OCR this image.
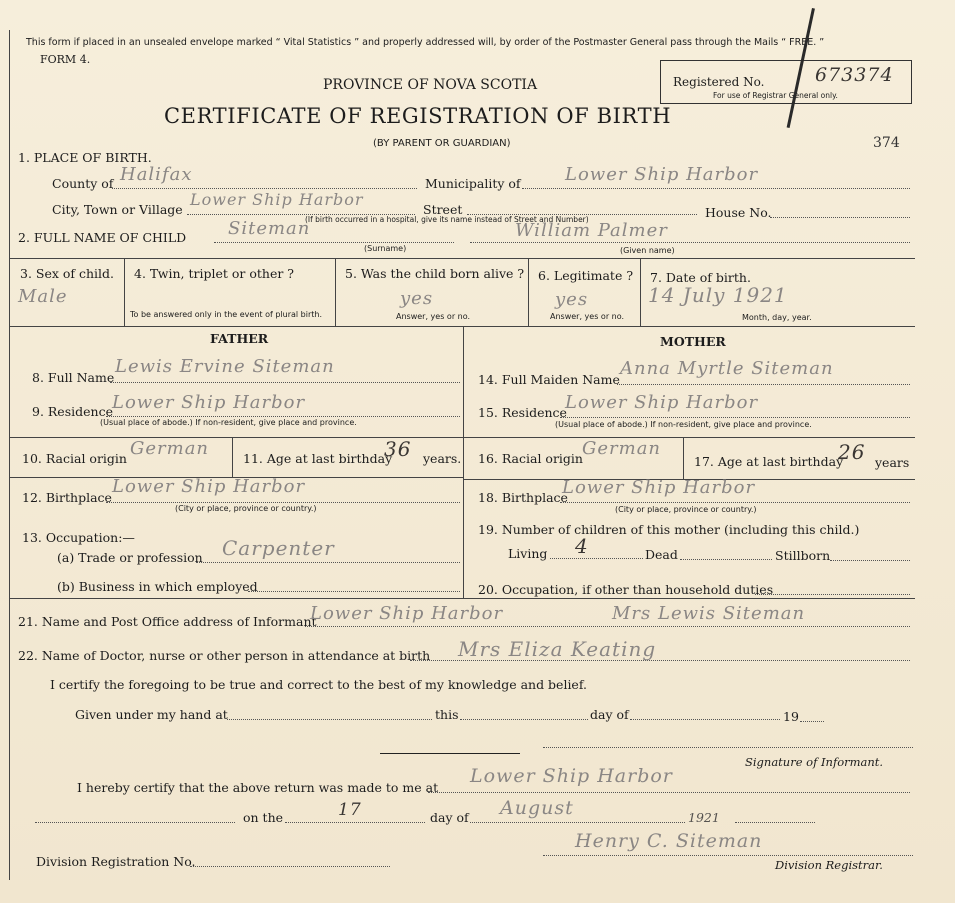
This form if placed in an unsealed envelope marked “ Vital Statistics ” and properly addressed will, by order of the Postmaster General pass through the Mails “ FREE. ”
FORM 4.
PROVINCE OF NOVA SCOTIA
CERTIFICATE OF REGISTRATION OF BIRTH
(BY PARENT OR GUARDIAN)
Registered No.	673374
For use of Registrar General only.
374
1. PLACE OF BIRTH.
County of Halifax	Municipality of Lower Ship Harbor
City, Town or Village
Lower Ship Harbor
Street
(If birth occurred in a hospital, give its name instead of Street and Number)	House No.
2. FULL NAME OF CHILD Siteman
(Surname)
William Palmer
(Given name)
3. Sex of child.
Male
4. Twin, triplet or other ?
To be answered only in the event of plural birth.
5. Was the child born alive ?
yes
Answer, yes or no.
6. Legitimate ?
yes
Answer, yes or no.
7. Date of birth.
14 July 1921
Month, day, year.
FATHER
8. Full Name
Lewis Ervine Siteman
9. Residence Lower Ship Harbor
(Usual place of abode.) If non-resident, give place and province.
10. Racial origin German	11. Age at last birthday
36 years.
12. Birthplace
Lower Ship Harbor
(City or place, province or country.)
13. Occupation:—
(a) Trade or profession Carpenter
(b) Business in which employed
MOTHER
14. Full Maiden Name
Anna Myrtle Siteman
15. Residence
Lower Ship Harbor
(Usual place of abode.) If non-resident, give place and province.
16. Racial origin German
17. Age at last birthday
26 years
18. Birthplace
Lower Ship Harbor
(City or place, province or country.)
19. Number of children of this mother (including this child.)
Living 4	Dead	Stillborn
20. Occupation, if other than household duties
21. Name and Post Office address of Informant
Lower Ship Harbor	Mrs Lewis Siteman
22. Name of Doctor, nurse or other person in attendance at birth Mrs Eliza Keating
I certify the foregoing to be true and correct to the best of my knowledge and belief.
Given under my hand at	this	day of	19
Signature of Informant.
I hereby certify that the above return was made to me at
Lower Ship Harbor
on the	17	day of August	1921
Division Registration No.
Henry C. Siteman
Division Registrar.
